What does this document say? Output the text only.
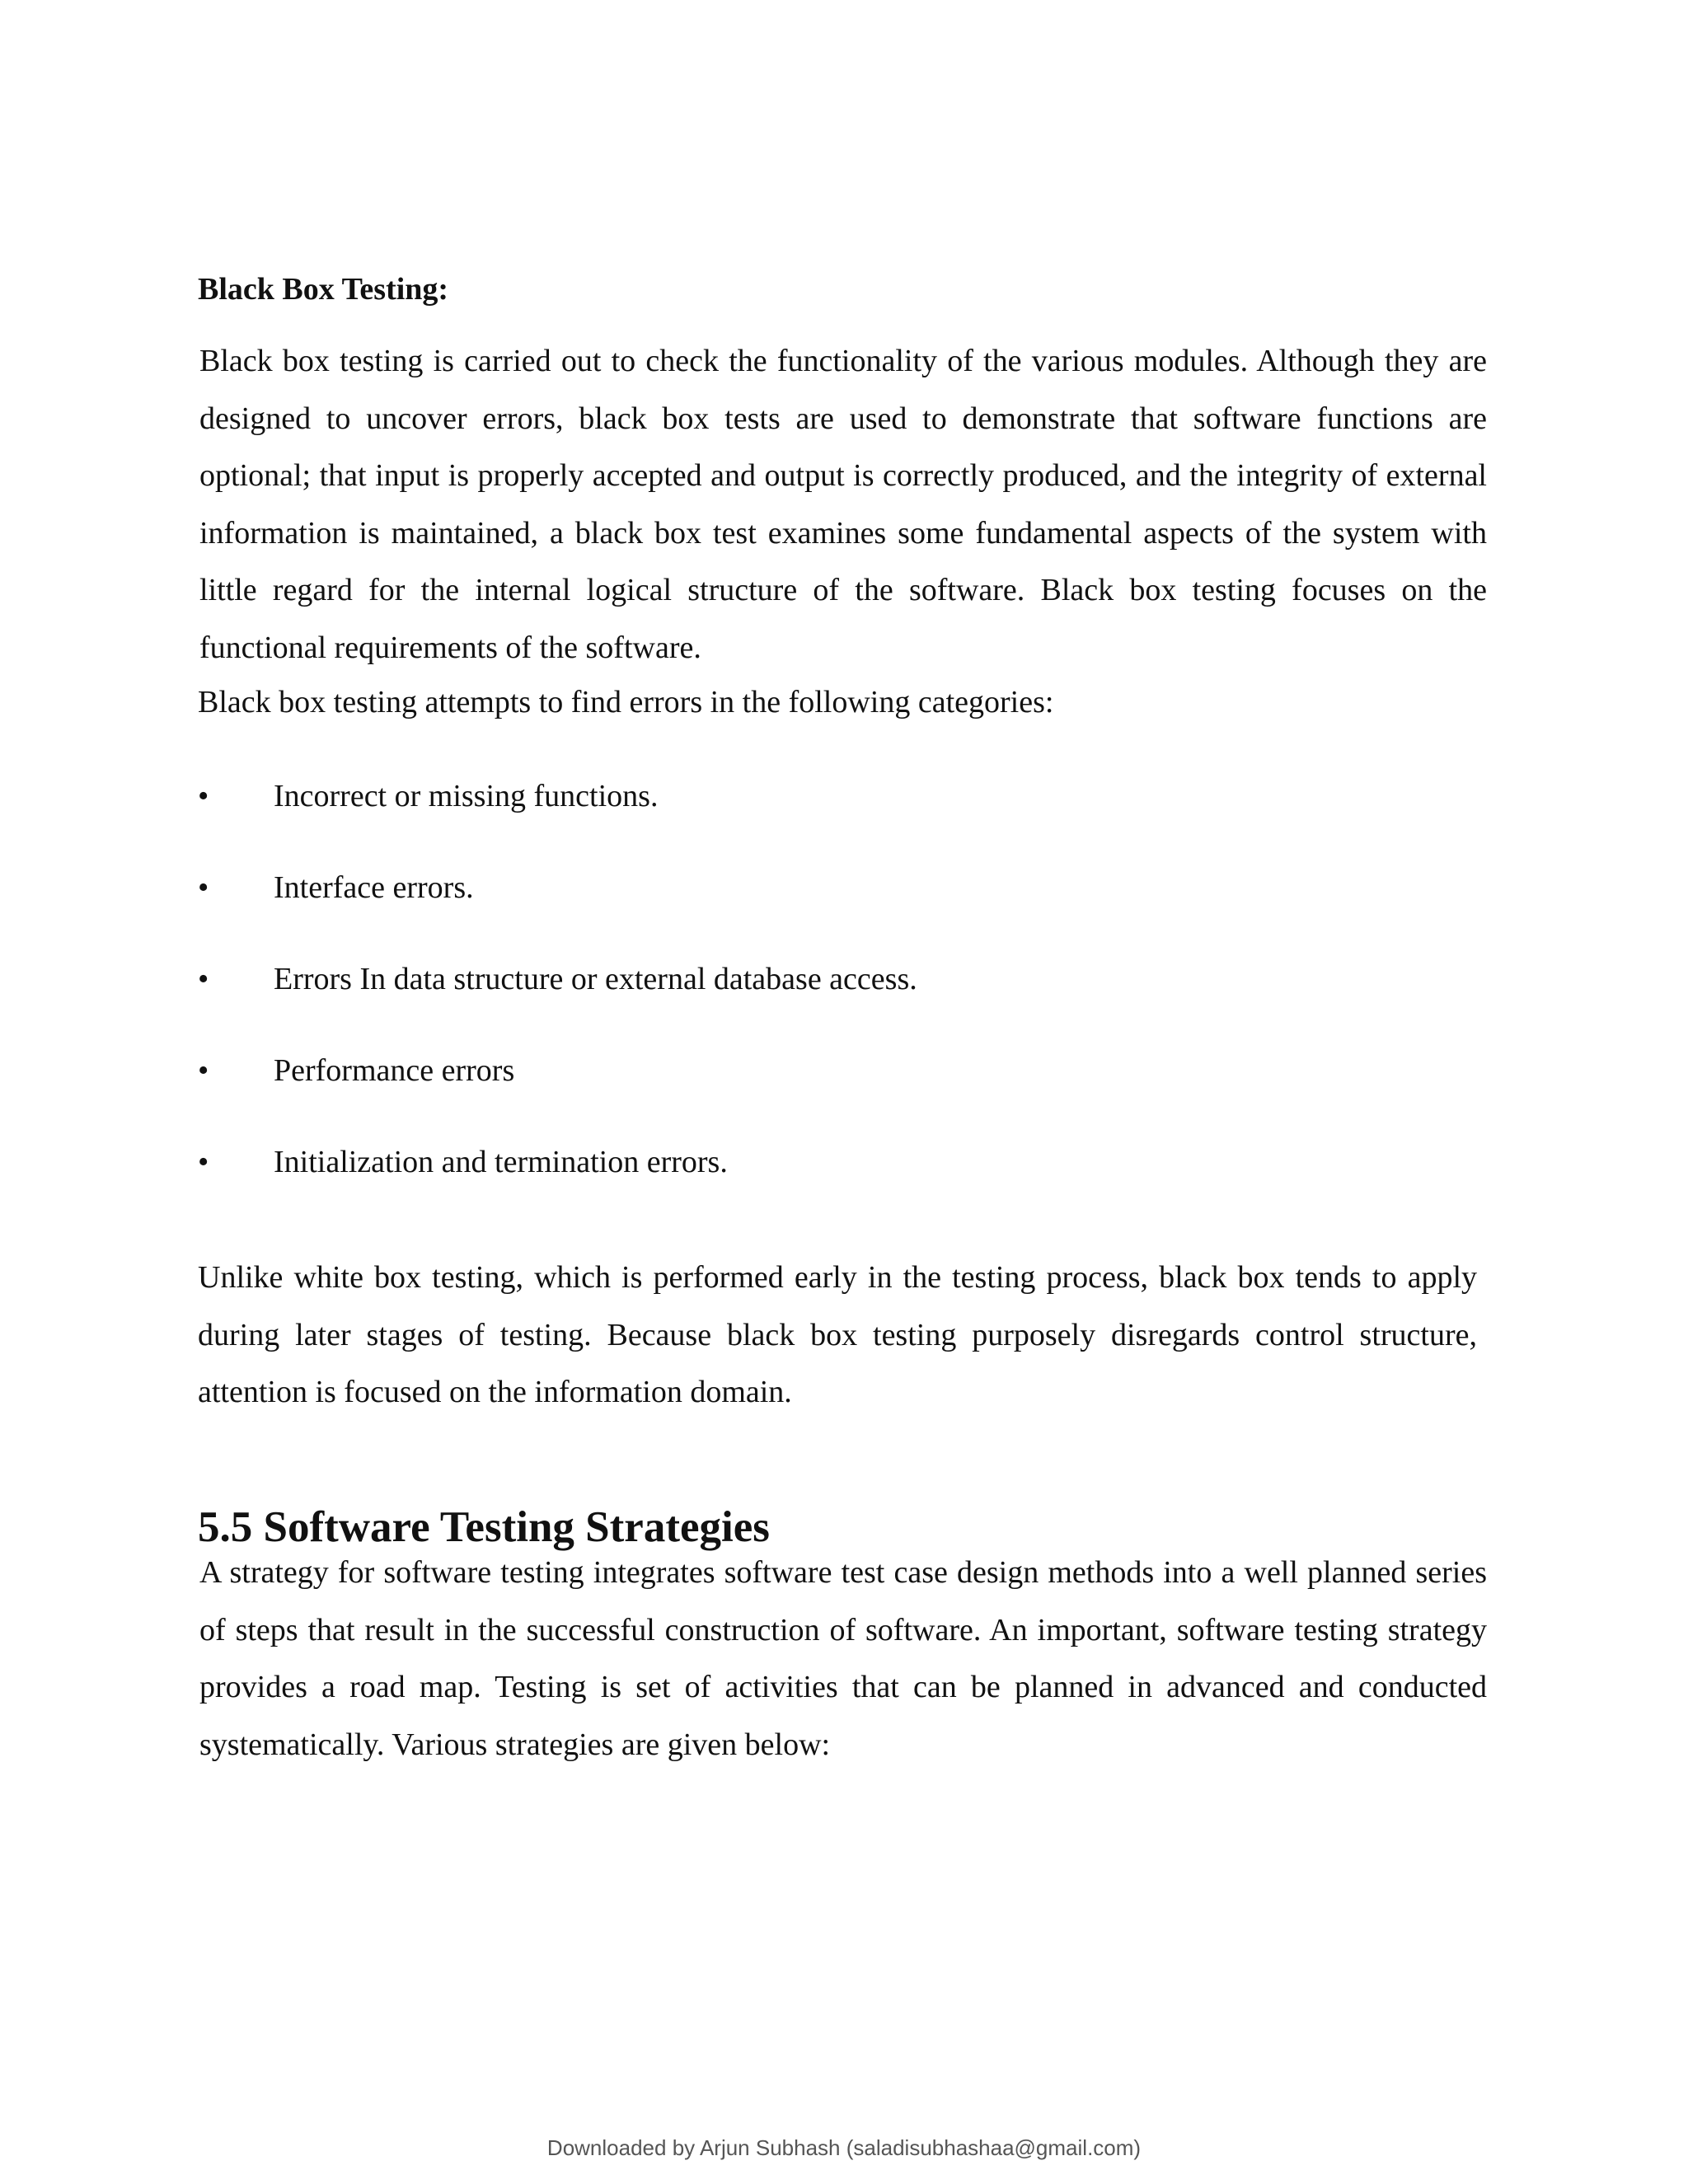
Black Box Testing:

Black box testing is carried out to check the functionality of the various modules. Although they are designed to uncover errors, black box tests are used to demonstrate that software functions are optional; that input is properly accepted and output is correctly produced, and the integrity of external information is maintained, a black box test examines some fundamental aspects of the system with little regard for the internal logical structure of the software. Black box testing focuses on the functional requirements of the software.

Black box testing attempts to find errors in the following categories:

•	Incorrect or missing functions.
•	Interface errors.
•	Errors In data structure or external database access.
•	Performance errors
•	Initialization and termination errors.

Unlike white box testing, which is performed early in the testing process, black box tends to apply during later stages of testing. Because black box testing purposely disregards control structure, attention is focused on the information domain.

5.5 Software Testing Strategies

A strategy for software testing integrates software test case design methods into a well planned series of steps that result in the successful construction of software. An important, software testing strategy provides a road map. Testing is set of activities that can be planned in advanced and conducted systematically. Various strategies are given below:

Downloaded by Arjun Subhash (saladisubhashaa@gmail.com)
